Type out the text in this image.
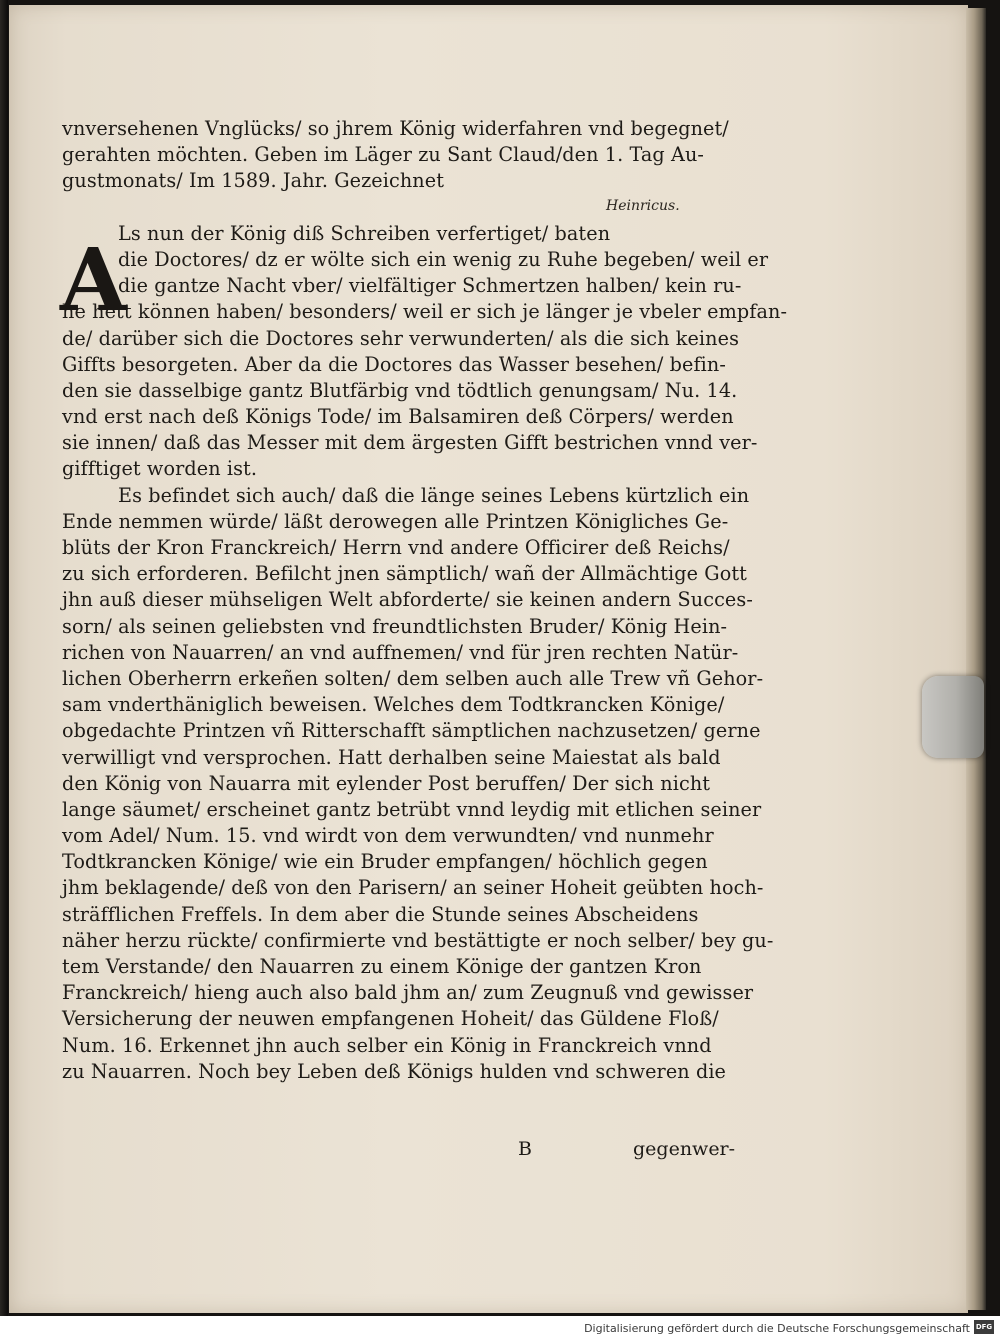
vnversehenen Vnglücks/ so jhrem König widerfahren vnd begegnet/
gerahten möchten. Geben im Läger zu Sant Claud/den 1. Tag Au-
gustmonats/ Im 1589. Jahr. Gezeichnet
Ls nun der König diß Schreiben verfertiget/ baten
die Doctores/ dz er wölte sich ein wenig zu Ruhe begeben/ weil er
die gantze Nacht vber/ vielfältiger Schmertzen halben/ kein ru-
he hett können haben/ besonders/ weil er sich je länger je vbeler empfan-
de/ darüber sich die Doctores sehr verwunderten/ als die sich keines
Giffts besorgeten. Aber da die Doctores das Wasser besehen/ befin-
den sie dasselbige gantz Blutfärbig vnd tödtlich genungsam/ Nu. 14.
vnd erst nach deß Königs Tode/ im Balsamiren deß Cörpers/ werden
sie innen/ daß das Messer mit dem ärgesten Gifft bestrichen vnnd ver-
gifftiget worden ist.
Es befindet sich auch/ daß die länge seines Lebens kürtzlich ein
Ende nemmen würde/ läßt derowegen alle Printzen Königliches Ge-
blüts der Kron Franckreich/ Herrn vnd andere Officirer deß Reichs/
zu sich erforderen. Befilcht jnen sämptlich/ wañ der Allmächtige Gott
jhn auß dieser mühseligen Welt abforderte/ sie keinen andern Succes-
sorn/ als seinen geliebsten vnd freundtlichsten Bruder/ König Hein-
richen von Nauarren/ an vnd auffnemen/ vnd für jren rechten Natür-
lichen Oberherrn erkeñen solten/ dem selben auch alle Trew vñ Gehor-
sam vnderthäniglich beweisen. Welches dem Todtkrancken Könige/
obgedachte Printzen vñ Ritterschafft sämptlichen nachzusetzen/ gerne
verwilligt vnd versprochen. Hatt derhalben seine Maiestat als bald
den König von Nauarra mit eylender Post beruffen/ Der sich nicht
lange säumet/ erscheinet gantz betrübt vnnd leydig mit etlichen seiner
vom Adel/ Num. 15. vnd wirdt von dem verwundten/ vnd nunmehr
Todtkrancken Könige/ wie ein Bruder empfangen/ höchlich gegen
jhm beklagende/ deß von den Parisern/ an seiner Hoheit geübten hoch-
sträfflichen Freffels. In dem aber die Stunde seines Abscheidens
näher herzu rückte/ confirmierte vnd bestättigte er noch selber/ bey gu-
tem Verstande/ den Nauarren zu einem Könige der gantzen Kron
Franckreich/ hieng auch also bald jhm an/ zum Zeugnuß vnd gewisser
Versicherung der neuwen empfangenen Hoheit/ das Güldene Floß/
Num. 16. Erkennet jhn auch selber ein König in Franckreich vnnd
zu Nauarren. Noch bey Leben deß Königs hulden vnd schweren die
Heinricus.
A
B	gegenwer-
Digitalisierung gefördert durch die Deutsche Forschungsgemeinschaft DFG
